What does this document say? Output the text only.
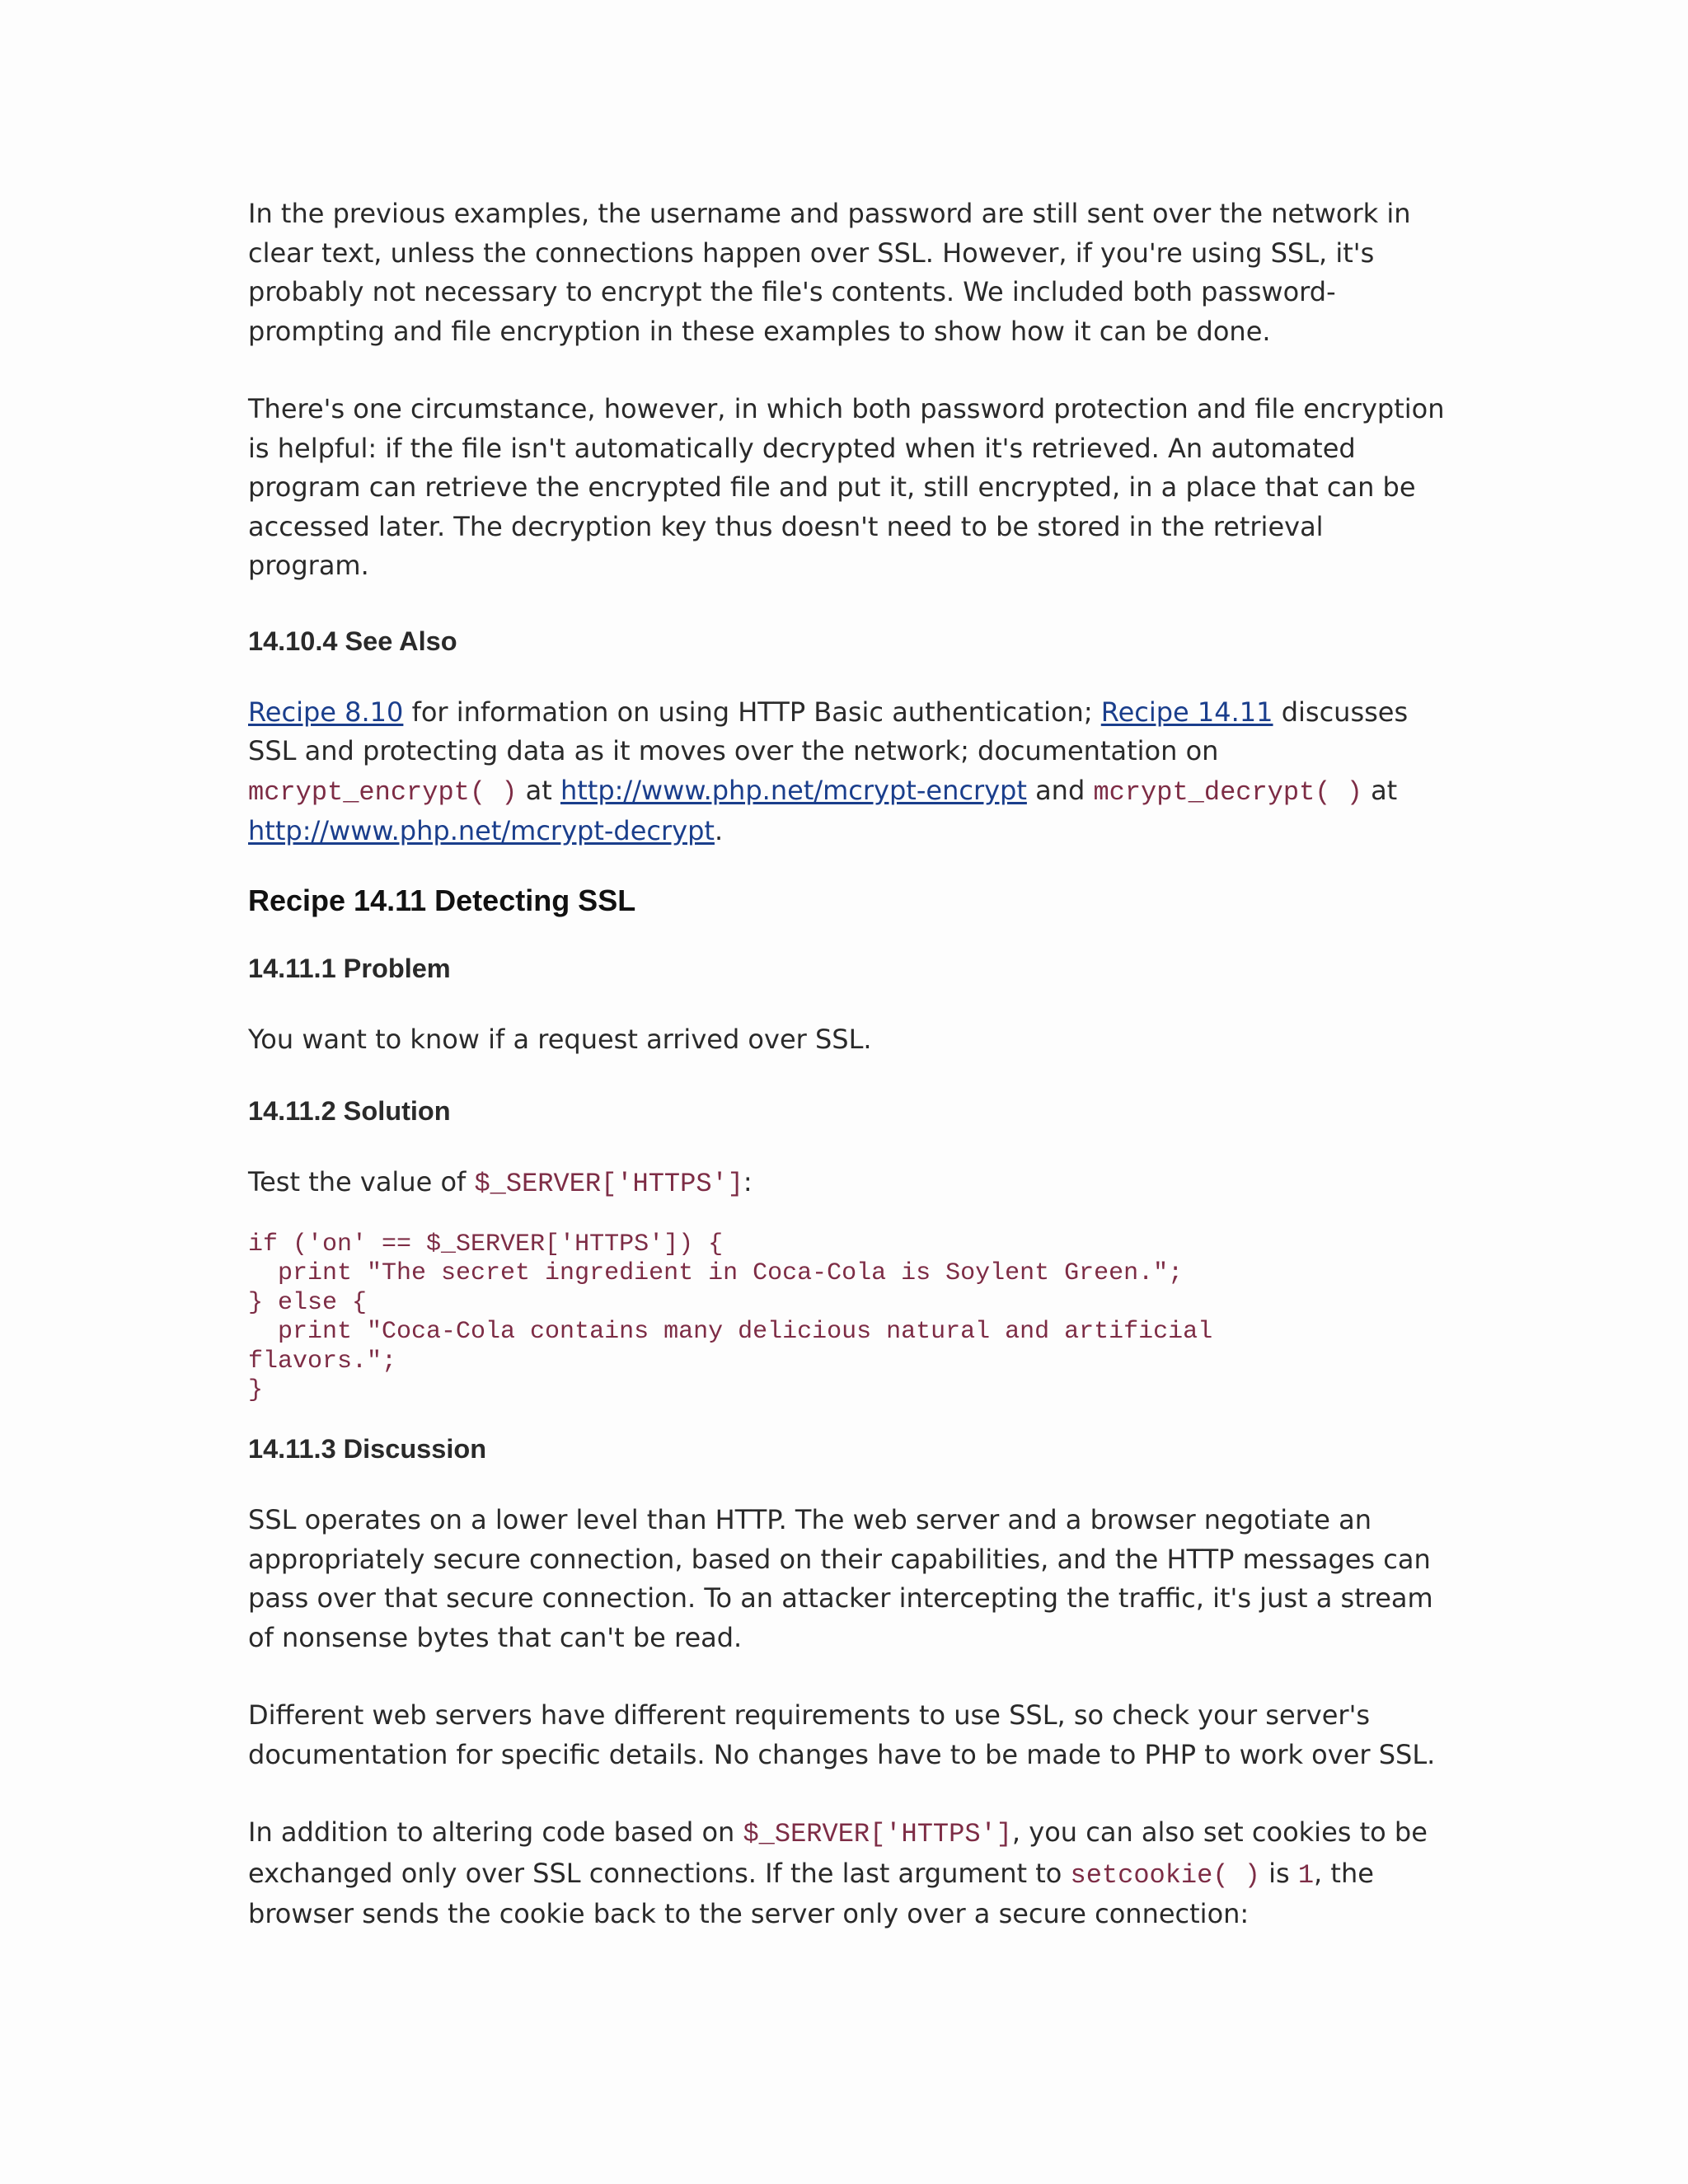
In the previous examples, the username and password are still sent over the network in clear text, unless the connections happen over SSL. However, if you're using SSL, it's probably not necessary to encrypt the file's contents. We included both password-prompting and file encryption in these examples to show how it can be done.

There's one circumstance, however, in which both password protection and file encryption is helpful: if the file isn't automatically decrypted when it's retrieved. An automated program can retrieve the encrypted file and put it, still encrypted, in a place that can be accessed later. The decryption key thus doesn't need to be stored in the retrieval program.

14.10.4 See Also

Recipe 8.10 for information on using HTTP Basic authentication; Recipe 14.11 discusses SSL and protecting data as it moves over the network; documentation on mcrypt_encrypt( ) at http://www.php.net/mcrypt-encrypt and mcrypt_decrypt( ) at http://www.php.net/mcrypt-decrypt.

Recipe 14.11 Detecting SSL
14.11.1 Problem

You want to know if a request arrived over SSL.

14.11.2 Solution

Test the value of $_SERVER['HTTPS']:

if ('on' == $_SERVER['HTTPS']) {
print "The secret ingredient in Coca-Cola is Soylent Green.";
} else {
print "Coca-Cola contains many delicious natural and artificial
flavors.";
}
14.11.3 Discussion

SSL operates on a lower level than HTTP. The web server and a browser negotiate an appropriately secure connection, based on their capabilities, and the HTTP messages can pass over that secure connection. To an attacker intercepting the traffic, it's just a stream of nonsense bytes that can't be read.

Different web servers have different requirements to use SSL, so check your server's documentation for specific details. No changes have to be made to PHP to work over SSL.

In addition to altering code based on $_SERVER['HTTPS'], you can also set cookies to be exchanged only over SSL connections. If the last argument to setcookie( ) is 1, the browser sends the cookie back to the server only over a secure connection:
